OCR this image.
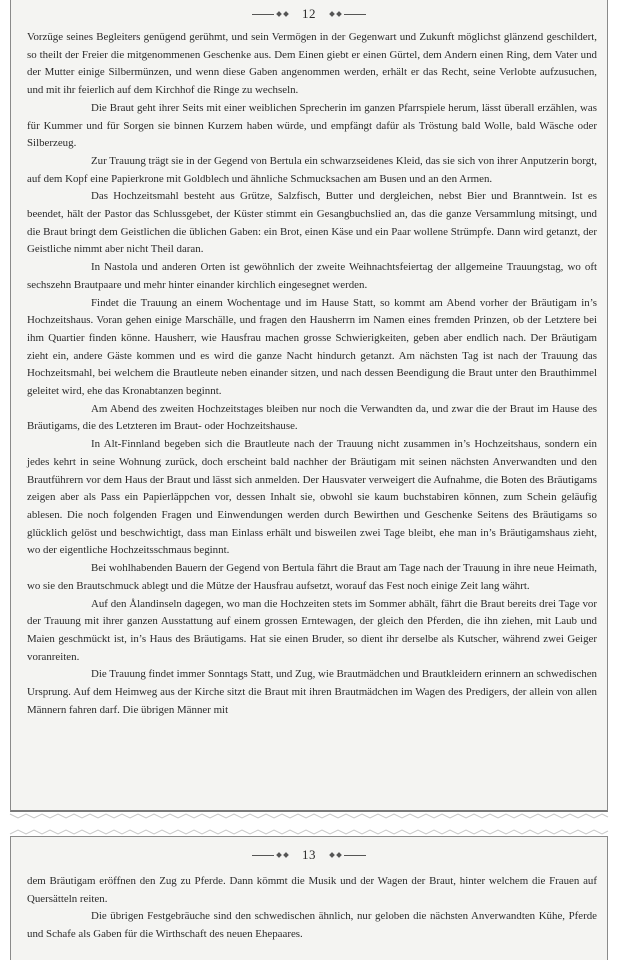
12

Vorzüge seines Begleiters genügend gerühmt, und sein Vermögen in der Gegenwart und Zukunft möglichst glänzend geschildert, so theilt der Freier die mitgenommenen Geschenke aus. Dem Einen giebt er einen Gürtel, dem Andern einen Ring, dem Vater und der Mutter einige Silbermünzen, und wenn diese Gaben angenommen werden, erhält er das Recht, seine Verlobte aufzusuchen, und mit ihr feierlich auf dem Kirchhof die Ringe zu wechseln.

Die Braut geht ihrer Seits mit einer weiblichen Sprecherin im ganzen Pfarrspiele herum, lässt überall erzählen, was für Kummer und für Sorgen sie binnen Kurzem haben würde, und empfängt dafür als Tröstung bald Wolle, bald Wäsche oder Silberzeug.

Zur Trauung trägt sie in der Gegend von Bertula ein schwarzseidenes Kleid, das sie sich von ihrer Anputzerin borgt, auf dem Kopf eine Papierkrone mit Goldblech und ähnliche Schmucksachen am Busen und an den Armen.

Das Hochzeitsmahl besteht aus Grütze, Salzfisch, Butter und dergleichen, nebst Bier und Branntwein. Ist es beendet, hält der Pastor das Schlussgebet, der Küster stimmt ein Gesangbuchslied an, das die ganze Versammlung mitsingt, und die Braut bringt dem Geistlichen die üblichen Gaben: ein Brot, einen Käse und ein Paar wollene Strümpfe. Dann wird getanzt, der Geistliche nimmt aber nicht Theil daran.

In Nastola und anderen Orten ist gewöhnlich der zweite Weihnachtsfeiertag der allgemeine Trauungstag, wo oft sechszehn Brautpaare und mehr hinter einander kirchlich eingesegnet werden.

Findet die Trauung an einem Wochentage und im Hause Statt, so kommt am Abend vorher der Bräutigam in’s Hochzeitshaus. Voran gehen einige Marschälle, und fragen den Hausherrn im Namen eines fremden Prinzen, ob der Letztere bei ihm Quartier finden könne. Hausherr, wie Hausfrau machen grosse Schwierigkeiten, geben aber endlich nach. Der Bräutigam zieht ein, andere Gäste kommen und es wird die ganze Nacht hindurch getanzt. Am nächsten Tag ist nach der Trauung das Hochzeitsmahl, bei welchem die Brautleute neben einander sitzen, und nach dessen Beendigung die Braut unter den Brauthimmel geleitet wird, ehe das Kronabtanzen beginnt.

Am Abend des zweiten Hochzeitstages bleiben nur noch die Verwandten da, und zwar die der Braut im Hause des Bräutigams, die des Letzteren im Braut- oder Hochzeitshause.

In Alt-Finnland begeben sich die Brautleute nach der Trauung nicht zusammen in’s Hochzeitshaus, sondern ein jedes kehrt in seine Wohnung zurück, doch erscheint bald nachher der Bräutigam mit seinen nächsten Anverwandten und den Brautführern vor dem Haus der Braut und lässt sich anmelden. Der Hausvater verweigert die Aufnahme, die Boten des Bräutigams zeigen aber als Pass ein Papierläppchen vor, dessen Inhalt sie, obwohl sie kaum buchstabiren können, zum Schein geläufig ablesen. Die noch folgenden Fragen und Einwendungen werden durch Bewirthen und Geschenke Seitens des Bräutigams so glücklich gelöst und beschwichtigt, dass man Einlass erhält und bisweilen zwei Tage bleibt, ehe man in’s Bräutigamshaus zieht, wo der eigentliche Hochzeitsschmaus beginnt.

Bei wohlhabenden Bauern der Gegend von Bertula fährt die Braut am Tage nach der Trauung in ihre neue Heimath, wo sie den Brautschmuck ablegt und die Mütze der Hausfrau aufsetzt, worauf das Fest noch einige Zeit lang währt.

Auf den Ålandinseln dagegen, wo man die Hochzeiten stets im Sommer abhält, fährt die Braut bereits drei Tage vor der Trauung mit ihrer ganzen Ausstattung auf einem grossen Erntewagen, der gleich den Pferden, die ihn ziehen, mit Laub und Maien geschmückt ist, in’s Haus des Bräutigams. Hat sie einen Bruder, so dient ihr derselbe als Kutscher, während zwei Geiger voranreiten.

Die Trauung findet immer Sonntags Statt, und Zug, wie Brautmädchen und Brautkleidern erinnern an schwedischen Ursprung. Auf dem Heimweg aus der Kirche sitzt die Braut mit ihren Brautmädchen im Wagen des Predigers, der allein von allen Männern fahren darf. Die übrigen Männer mit

13

dem Bräutigam eröffnen den Zug zu Pferde. Dann kömmt die Musik und der Wagen der Braut, hinter welchem die Frauen auf Quersätteln reiten.

Die übrigen Festgebräuche sind den schwedischen ähnlich, nur geloben die nächsten Anverwandten Kühe, Pferde und Schafe als Gaben für die Wirthschaft des neuen Ehepaares.
